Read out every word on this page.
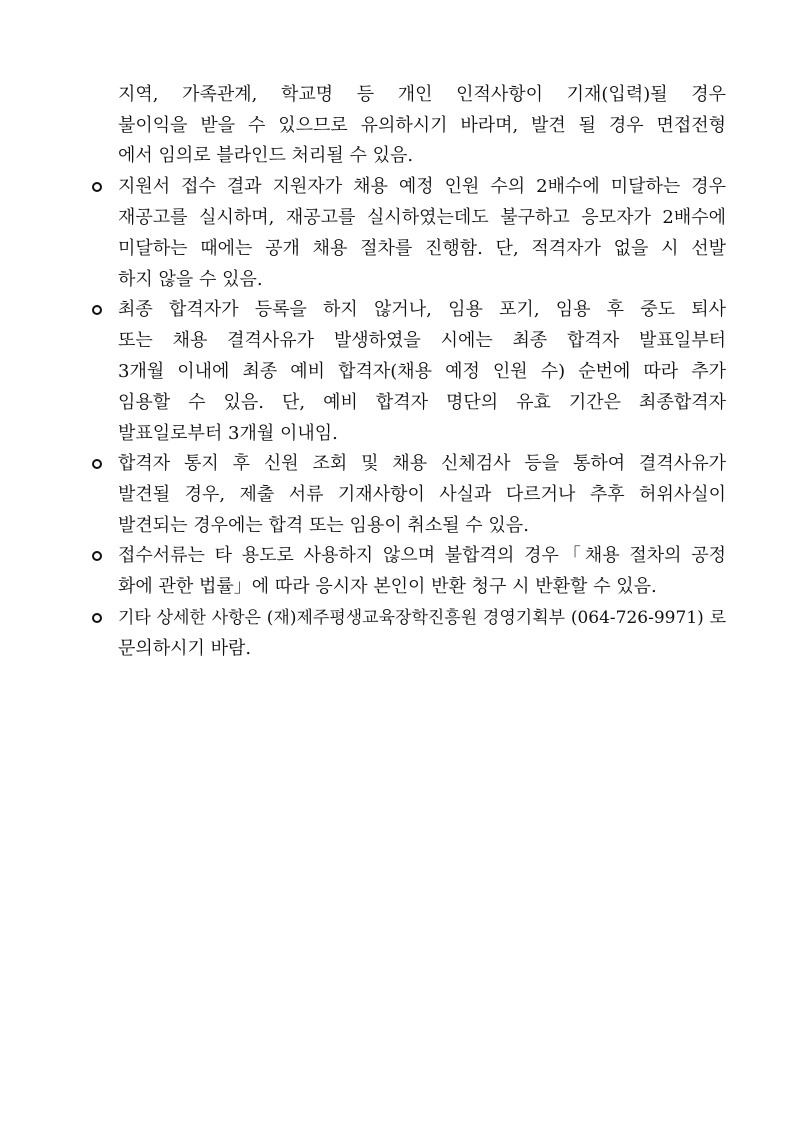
지역, 가족관계, 학교명 등 개인 인적사항이 기재(입력)될 경우
불이익을 받을 수 있으므로 유의하시기 바라며, 발견 될 경우 면접전형
에서 임의로 블라인드 처리될 수 있음.
지원서 접수 결과 지원자가 채용 예정 인원 수의 2배수에 미달하는 경우
재공고를 실시하며, 재공고를 실시하였는데도 불구하고 응모자가 2배수에
미달하는 때에는 공개 채용 절차를 진행함. 단, 적격자가 없을 시 선발
하지 않을 수 있음.
최종 합격자가 등록을 하지 않거나, 임용 포기, 임용 후 중도 퇴사
또는 채용 결격사유가 발생하였을 시에는 최종 합격자 발표일부터
3개월 이내에 최종 예비 합격자(채용 예정 인원 수) 순번에 따라 추가
임용할 수 있음. 단, 예비 합격자 명단의 유효 기간은 최종합격자
발표일로부터 3개월 이내임.
합격자 통지 후 신원 조회 및 채용 신체검사 등을 통하여 결격사유가
발견될 경우, 제출 서류 기재사항이 사실과 다르거나 추후 허위사실이
발견되는 경우에는 합격 또는 임용이 취소될 수 있음.
접수서류는 타 용도로 사용하지 않으며 불합격의 경우「채용 절차의 공정
화에 관한 법률」에 따라 응시자 본인이 반환 청구 시 반환할 수 있음.
기타 상세한 사항은 (재)제주평생교육장학진흥원 경영기획부 (064-726-9971) 로
문의하시기 바람.
